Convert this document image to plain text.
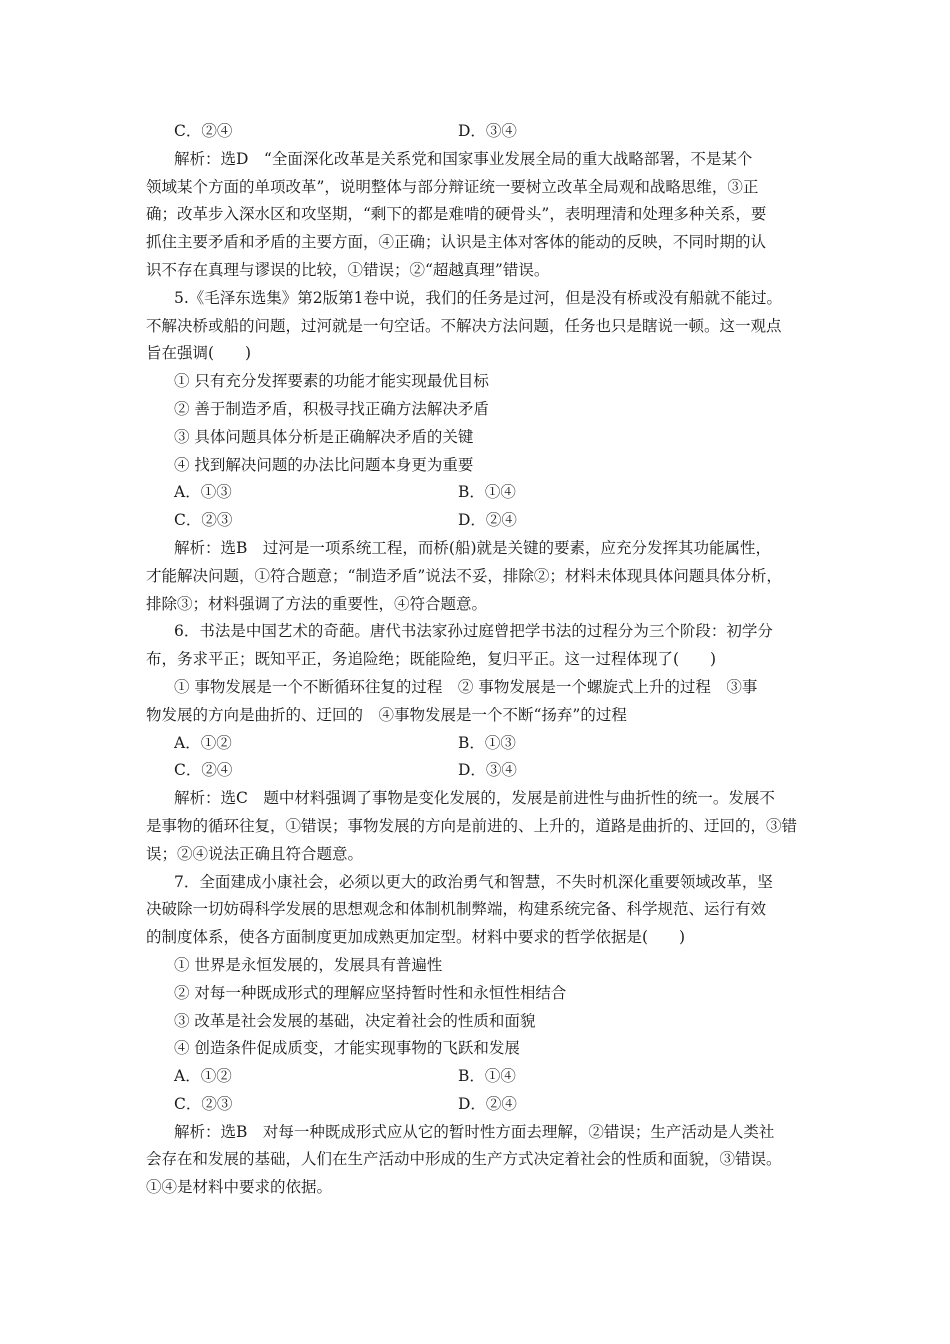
C．②④	D．③④
解析：选D　“全面深化改革是关系党和国家事业发展全局的重大战略部署，不是某个
领域某个方面的单项改革”，说明整体与部分辩证统一要树立改革全局观和战略思维，③正
确；改革步入深水区和攻坚期，“剩下的都是难啃的硬骨头”，表明理清和处理多种关系，要
抓住主要矛盾和矛盾的主要方面，④正确；认识是主体对客体的能动的反映，不同时期的认
识不存在真理与谬误的比较，①错误；②“超越真理”错误。
5.《毛泽东选集》第2版第1卷中说，我们的任务是过河，但是没有桥或没有船就不能过。
不解决桥或船的问题，过河就是一句空话。不解决方法问题，任务也只是瞎说一顿。这一观点
旨在强调(　　)
① 只有充分发挥要素的功能才能实现最优目标
② 善于制造矛盾，积极寻找正确方法解决矛盾
③ 具体问题具体分析是正确解决矛盾的关键
④ 找到解决问题的办法比问题本身更为重要
A．①③	B．①④
C．②③	D．②④
解析：选B　过河是一项系统工程，而桥(船)就是关键的要素，应充分发挥其功能属性，
才能解决问题，①符合题意；“制造矛盾”说法不妥，排除②；材料未体现具体问题具体分析，
排除③；材料强调了方法的重要性，④符合题意。
6．书法是中国艺术的奇葩。唐代书法家孙过庭曾把学书法的过程分为三个阶段：初学分
布，务求平正；既知平正，务追险绝；既能险绝，复归平正。这一过程体现了(　　)
① 事物发展是一个不断循环往复的过程　② 事物发展是一个螺旋式上升的过程　③事
物发展的方向是曲折的、迂回的　④事物发展是一个不断“扬弃”的过程
A．①②	B．①③
C．②④	D．③④
解析：选C　题中材料强调了事物是变化发展的，发展是前进性与曲折性的统一。发展不
是事物的循环往复，①错误；事物发展的方向是前进的、上升的，道路是曲折的、迂回的，③错
误；②④说法正确且符合题意。
7．全面建成小康社会，必须以更大的政治勇气和智慧，不失时机深化重要领域改革，坚
决破除一切妨碍科学发展的思想观念和体制机制弊端，构建系统完备、科学规范、运行有效
的制度体系，使各方面制度更加成熟更加定型。材料中要求的哲学依据是(　　)
① 世界是永恒发展的，发展具有普遍性
② 对每一种既成形式的理解应坚持暂时性和永恒性相结合
③ 改革是社会发展的基础，决定着社会的性质和面貌
④ 创造条件促成质变，才能实现事物的飞跃和发展
A．①②	B．①④
C．②③	D．②④
解析：选B　对每一种既成形式应从它的暂时性方面去理解，②错误；生产活动是人类社
会存在和发展的基础，人们在生产活动中形成的生产方式决定着社会的性质和面貌，③错误。
①④是材料中要求的依据。
